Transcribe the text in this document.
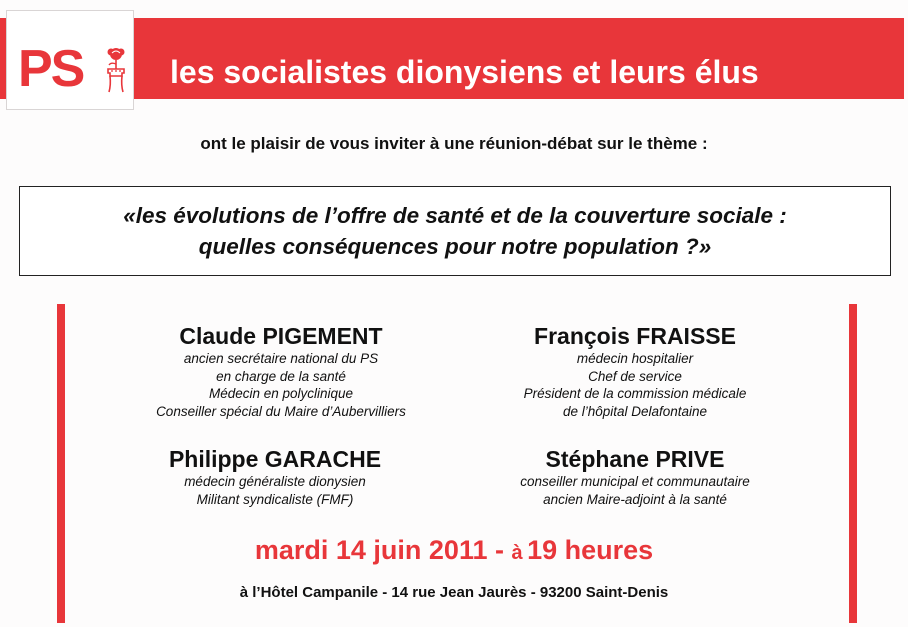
les socialistes dionysiens et leurs élus
PS
ont le plaisir de vous inviter à une réunion-débat sur le thème :
«les évolutions de l’offre de santé et de la couverture sociale :
quelles conséquences pour notre population ?»
Claude PIGEMENT
ancien secrétaire national du PS
en charge de la santé
Médecin en polyclinique
Conseiller spécial du Maire d’Aubervilliers
François FRAISSE
médecin hospitalier
Chef de service
Président de la commission médicale
de l’hôpital Delafontaine
Philippe GARACHE
médecin généraliste dionysien
Militant syndicaliste (FMF)
Stéphane PRIVE
conseiller municipal et communautaire
ancien Maire-adjoint à la santé
mardi 14 juin 2011 - à 19 heures
à l’Hôtel Campanile - 14 rue Jean Jaurès - 93200 Saint-Denis
